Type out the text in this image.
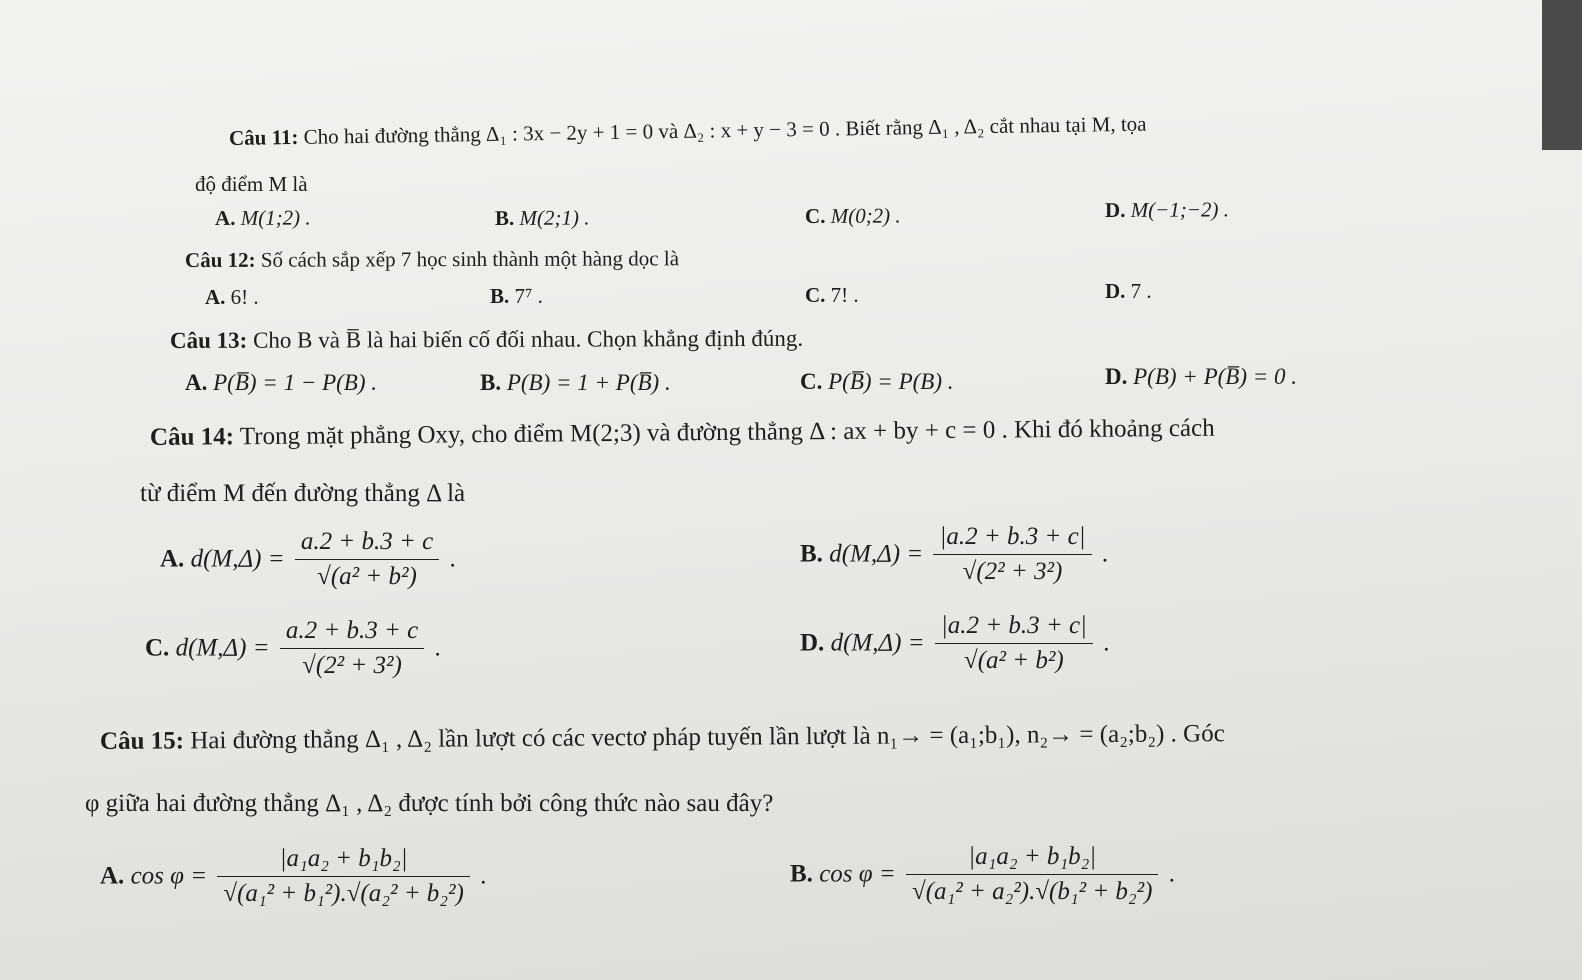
Câu 11: Cho hai đường thẳng Δ₁ : 3x − 2y + 1 = 0 và Δ₂ : x + y − 3 = 0 . Biết rằng Δ₁ , Δ₂ cắt nhau tại M, tọa
độ điểm M là
A. M(1;2) .	B. M(2;1) .	C. M(0;2) .	D. M(−1;−2) .
Câu 12: Số cách sắp xếp 7 học sinh thành một hàng dọc là
A. 6! .	B. 7⁷ .	C. 7! .	D. 7 .
Câu 13: Cho B và B̅ là hai biến cố đối nhau. Chọn khẳng định đúng.
A. P(B̅) = 1 − P(B) .	B. P(B) = 1 + P(B̅) .	C. P(B̅) = P(B) .	D. P(B) + P(B̅) = 0 .
Câu 14: Trong mặt phẳng Oxy, cho điểm M(2;3) và đường thẳng Δ : ax + by + c = 0 . Khi đó khoảng cách
từ điểm M đến đường thẳng Δ là
A. $d(M,\Delta) = \frac{a.2 + b.3 + c}{\text{√(a² + b²)}}$ .	B. $d(M,\Delta) = \frac{|a.2 + b.3 + c|}{\text{√(2² + 3²)}}$ .
C. $d(M,\Delta) = \frac{a.2 + b.3 + c}{\text{√(2² + 3²)}}$ .	D. $d(M,\Delta) = \frac{|a.2 + b.3 + c|}{\text{√(a² + b²)}}$ .
Câu 15: Hai đường thẳng Δ₁ , Δ₂ lần lượt có các vectơ pháp tuyến lần lượt là n₁→ = (a₁;b₁), n₂→ = (a₂;b₂) . Góc
φ giữa hai đường thẳng Δ₁ , Δ₂ được tính bởi công thức nào sau đây?
A. $\cos \varphi = \frac{\text{|a₁a₂ + b₁b₂|}}{\text{√(a₁² + b₁²).√(a₂² + b₂²)}}$ .	B. $\cos \varphi = \frac{\text{|a₁a₂ + b₁b₂|}}{\text{√(a₁² + a₂²).√(b₁² + b₂²)}}$ .
